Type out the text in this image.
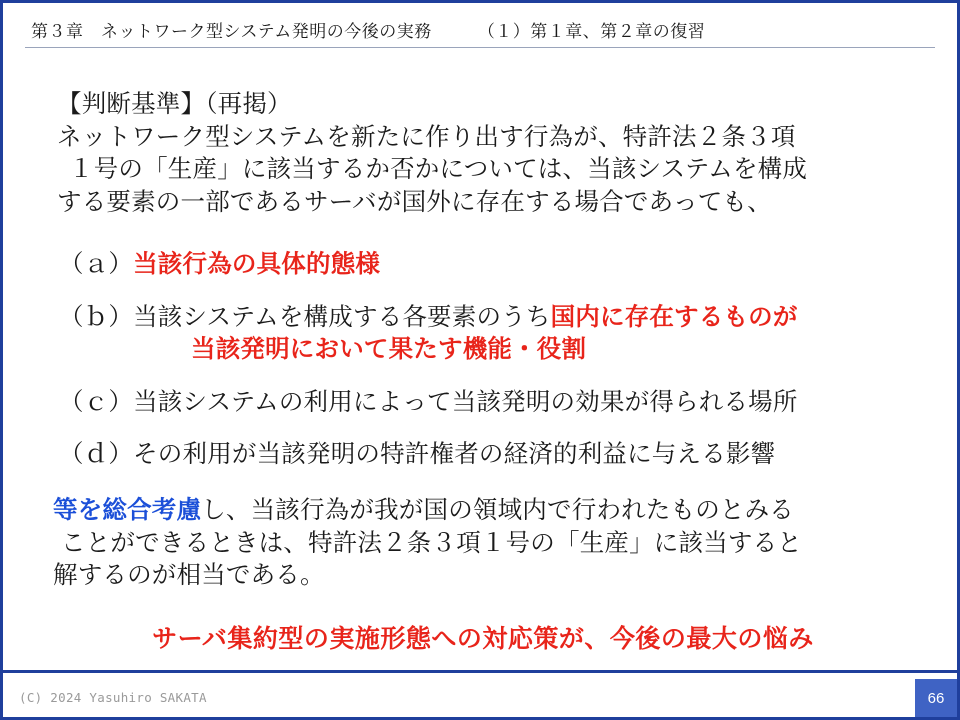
第３章　ネットワーク型システム発明の今後の実務	（１）第１章、第２章の復習
【判断基準】（再掲）
ネットワーク型システムを新たに作り出す行為が、特許法２条３項
１号の「生産」に該当するか否かについては、当該システムを構成
する要素の一部であるサーバが国外に存在する場合であっても、
（ａ）当該行為の具体的態様
（ｂ）当該システムを構成する各要素のうち国内に存在するものが
当該発明において果たす機能・役割
（ｃ）当該システムの利用によって当該発明の効果が得られる場所
（ｄ）その利用が当該発明の特許権者の経済的利益に与える影響
等を総合考慮し、当該行為が我が国の領域内で行われたものとみる
ことができるときは、特許法２条３項１号の「生産」に該当すると
解するのが相当である。
サーバ集約型の実施形態への対応策が、今後の最大の悩み
(C) 2024 Yasuhiro SAKATA	66
